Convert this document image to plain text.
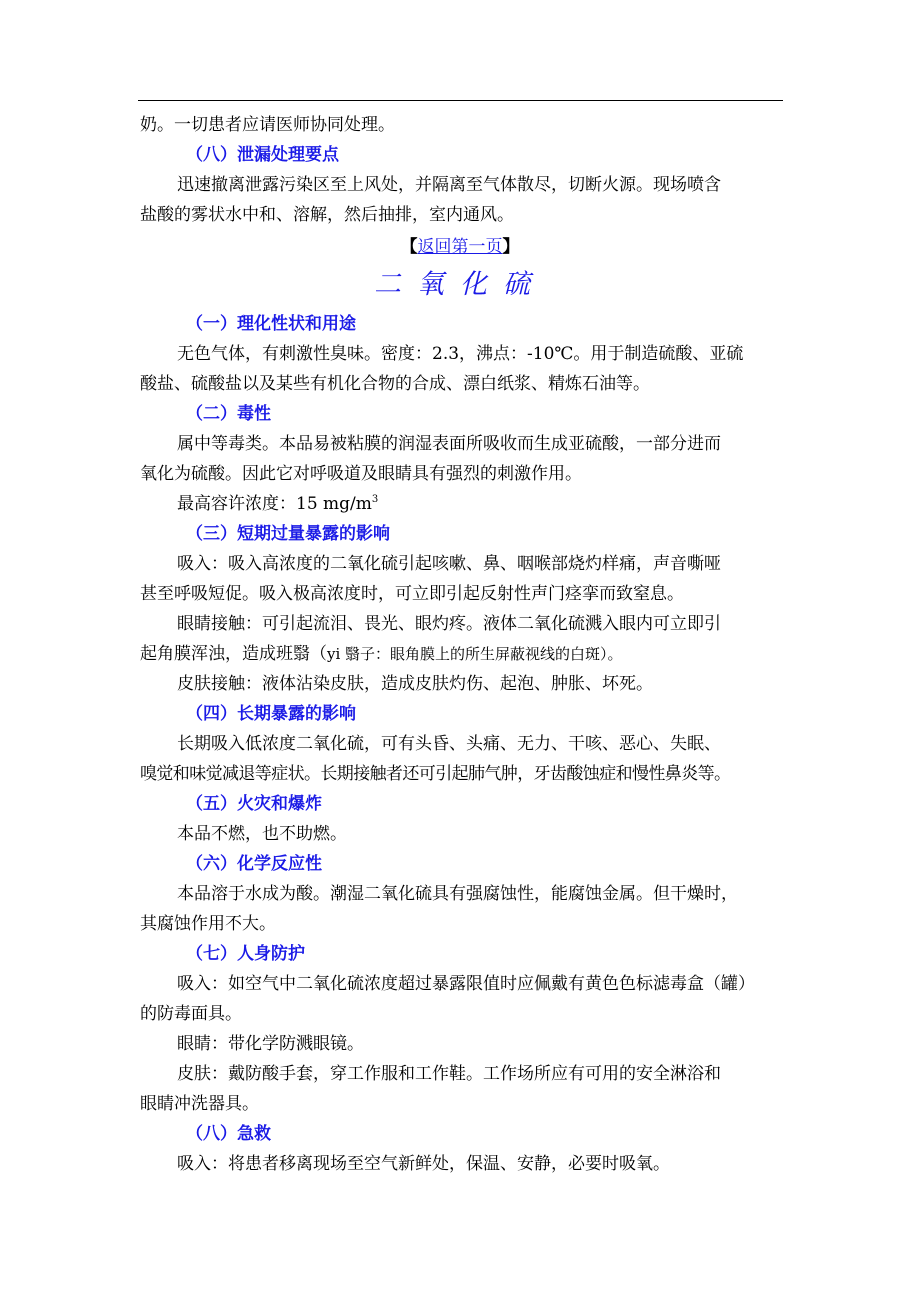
奶。一切患者应请医师协同处理。
（八）泄漏处理要点
迅速撤离泄露污染区至上风处，并隔离至气体散尽，切断火源。现场喷含
盐酸的雾状水中和、溶解，然后抽排，室内通风。
【返回第一页】
二氧化硫
（一）理化性状和用途
无色气体，有刺激性臭味。密度：2.3，沸点：-10℃。用于制造硫酸、亚硫
酸盐、硫酸盐以及某些有机化合物的合成、漂白纸浆、精炼石油等。
（二）毒性
属中等毒类。本品易被粘膜的润湿表面所吸收而生成亚硫酸，一部分进而
氧化为硫酸。因此它对呼吸道及眼睛具有强烈的刺激作用。
最高容许浓度：15 $mg/m^3$
（三）短期过量暴露的影响
吸入：吸入高浓度的二氧化硫引起咳嗽、鼻、咽喉部烧灼样痛，声音嘶哑
甚至呼吸短促。吸入极高浓度时，可立即引起反射性声门痉挛而致窒息。
眼睛接触：可引起流泪、畏光、眼灼疼。液体二氧化硫溅入眼内可立即引
起角膜浑浊，造成班翳（yi 翳子：眼角膜上的所生屏蔽视线的白斑）。
皮肤接触：液体沾染皮肤，造成皮肤灼伤、起泡、肿胀、坏死。
（四）长期暴露的影响
长期吸入低浓度二氧化硫，可有头昏、头痛、无力、干咳、恶心、失眠、
嗅觉和味觉减退等症状。长期接触者还可引起肺气肿，牙齿酸蚀症和慢性鼻炎等。
（五）火灾和爆炸
本品不燃，也不助燃。
（六）化学反应性
本品溶于水成为酸。潮湿二氧化硫具有强腐蚀性，能腐蚀金属。但干燥时，
其腐蚀作用不大。
（七）人身防护
吸入：如空气中二氧化硫浓度超过暴露限值时应佩戴有黄色色标滤毒盒（罐）
的防毒面具。
眼睛：带化学防溅眼镜。
皮肤：戴防酸手套，穿工作服和工作鞋。工作场所应有可用的安全淋浴和
眼睛冲洗器具。
（八）急救
吸入：将患者移离现场至空气新鲜处，保温、安静，必要时吸氧。
